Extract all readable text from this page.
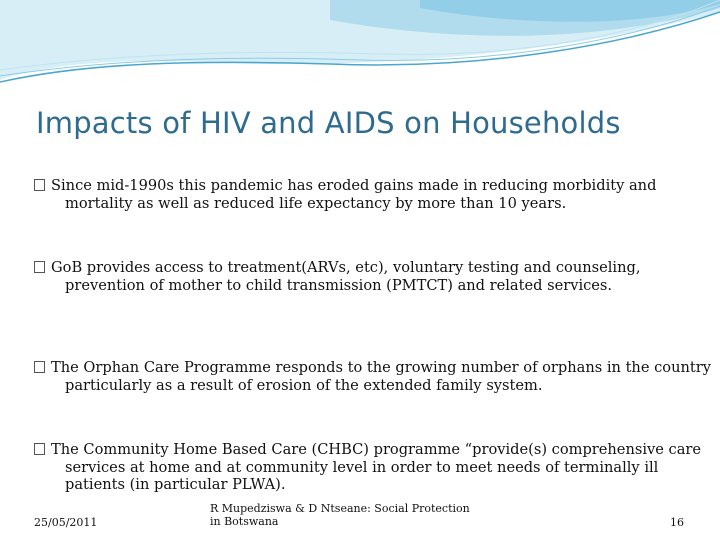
Impacts of HIV and AIDS on Households
Since mid-1990s this pandemic has eroded gains made in reducing morbidity and mortality as well as reduced life expectancy by more than 10 years.
GoB provides access to treatment(ARVs, etc), voluntary testing and counseling, prevention of mother to child transmission (PMTCT) and related services.
The Orphan Care Programme responds to the growing number of orphans in the country particularly as a result of erosion of the extended family system.
The Community Home Based Care (CHBC) programme “provide(s) comprehensive care services at home and at community level in order to meet needs of terminally ill patients (in particular PLWA).
25/05/2011
R Mupedziswa & D Ntseane: Social Protection in Botswana	16
